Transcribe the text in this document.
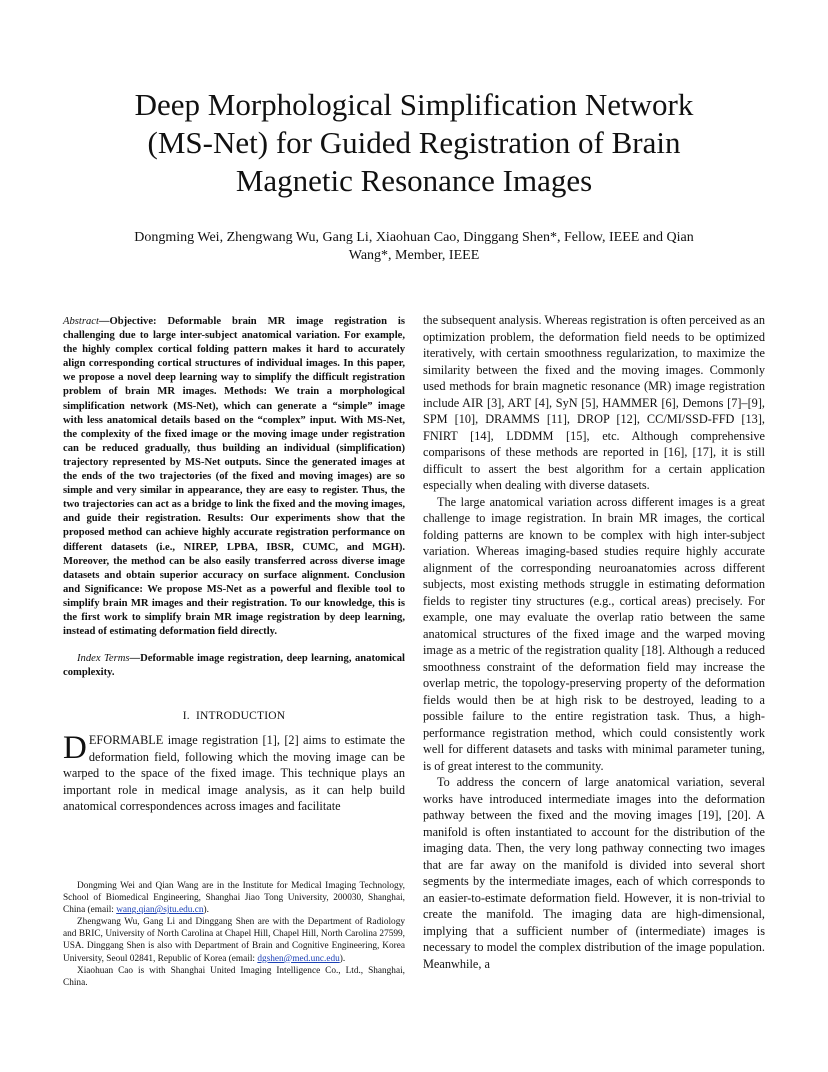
Deep Morphological Simplification Network
(MS-Net) for Guided Registration of Brain
Magnetic Resonance Images
Dongming Wei, Zhengwang Wu, Gang Li, Xiaohuan Cao, Dinggang Shen*, Fellow, IEEE and Qian
Wang*, Member, IEEE

Abstract—Objective: Deformable brain MR image registration is challenging due to large inter-subject anatomical variation. For example, the highly complex cortical folding pattern makes it hard to accurately align corresponding cortical structures of individual images. In this paper, we propose a novel deep learning way to simplify the difficult registration problem of brain MR images. Methods: We train a morphological simplification network (MS-Net), which can generate a “simple” image with less anatomical details based on the “complex” input. With MS-Net, the complexity of the fixed image or the moving image under registration can be reduced gradually, thus building an individual (simplification) trajectory represented by MS-Net outputs. Since the generated images at the ends of the two trajectories (of the fixed and moving images) are so simple and very similar in appearance, they are easy to register. Thus, the two trajectories can act as a bridge to link the fixed and the moving images, and guide their registration. Results: Our experiments show that the proposed method can achieve highly accurate registration performance on different datasets (i.e., NIREP, LPBA, IBSR, CUMC, and MGH). Moreover, the method can be also easily transferred across diverse image datasets and obtain superior accuracy on surface alignment. Conclusion and Significance: We propose MS-Net as a powerful and flexible tool to simplify brain MR images and their registration. To our knowledge, this is the first work to simplify brain MR image registration by deep learning, instead of estimating deformation field directly.

Index Terms—Deformable image registration, deep learning, anatomical complexity.

I. INTRODUCTION

DEFORMABLE image registration [1], [2] aims to estimate the deformation field, following which the moving image can be warped to the space of the fixed image. This technique plays an important role in medical image analysis, as it can help build anatomical correspondences across images and facilitate

the subsequent analysis. Whereas registration is often perceived as an optimization problem, the deformation field needs to be optimized iteratively, with certain smoothness regularization, to maximize the similarity between the fixed and the moving images. Commonly used methods for brain magnetic resonance (MR) image registration include AIR [3], ART [4], SyN [5], HAMMER [6], Demons [7]–[9], SPM [10], DRAMMS [11], DROP [12], CC/MI/SSD-FFD [13], FNIRT [14], LDDMM [15], etc. Although comprehensive comparisons of these methods are reported in [16], [17], it is still difficult to assert the best algorithm for a certain application especially when dealing with diverse datasets.

The large anatomical variation across different images is a great challenge to image registration. In brain MR images, the cortical folding patterns are known to be complex with high inter-subject variation. Whereas imaging-based studies require highly accurate alignment of the corresponding neuroanatomies across different subjects, most existing methods struggle in estimating deformation fields to register tiny structures (e.g., cortical areas) precisely. For example, one may evaluate the overlap ratio between the same anatomical structures of the fixed image and the warped moving image as a metric of the registration quality [18]. Although a reduced smoothness constraint of the deformation field may increase the overlap metric, the topology-preserving property of the deformation fields would then be at high risk to be destroyed, leading to a possible failure to the entire registration task. Thus, a high-performance registration method, which could consistently work well for different datasets and tasks with minimal parameter tuning, is of great interest to the community.

To address the concern of large anatomical variation, several works have introduced intermediate images into the deformation pathway between the fixed and the moving images [19], [20]. A manifold is often instantiated to account for the distribution of the imaging data. Then, the very long pathway connecting two images that are far away on the manifold is divided into several short segments by the intermediate images, each of which corresponds to an easier-to-estimate deformation field. However, it is non-trivial to create the manifold. The imaging data are high-dimensional, implying that a sufficient number of (intermediate) images is necessary to model the complex distribution of the image population. Meanwhile, a

Dongming Wei and Qian Wang are in the Institute for Medical Imaging Technology, School of Biomedical Engineering, Shanghai Jiao Tong University, 200030, Shanghai, China (email: wang.qian@sjtu.edu.cn).

Zhengwang Wu, Gang Li and Dinggang Shen are with the Department of Radiology and BRIC, University of North Carolina at Chapel Hill, Chapel Hill, North Carolina 27599, USA. Dinggang Shen is also with Department of Brain and Cognitive Engineering, Korea University, Seoul 02841, Republic of Korea (email: dgshen@med.unc.edu).

Xiaohuan Cao is with Shanghai United Imaging Intelligence Co., Ltd., Shanghai, China.
